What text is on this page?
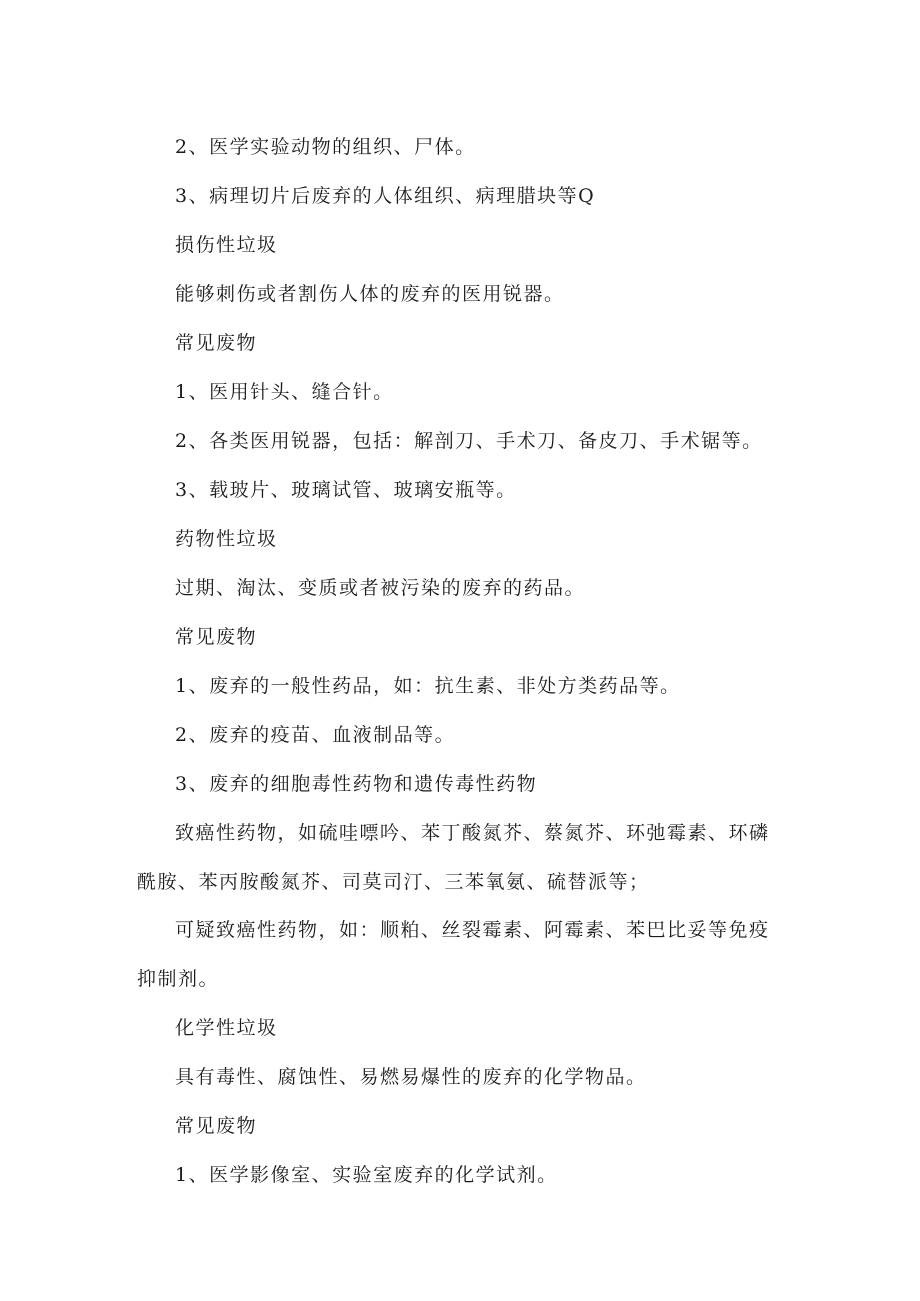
2、医学实验动物的组织、尸体。

3、病理切片后废弃的人体组织、病理腊块等Q

损伤性垃圾

能够刺伤或者割伤人体的废弃的医用锐器。

常见废物

1、医用针头、缝合针。

2、各类医用锐器，包括：解剖刀、手术刀、备皮刀、手术锯等。

3、载玻片、玻璃试管、玻璃安瓶等。

药物性垃圾

过期、淘汰、变质或者被污染的废弃的药品。

常见废物

1、废弃的一般性药品，如：抗生素、非处方类药品等。

2、废弃的疫苗、血液制品等。

3、废弃的细胞毒性药物和遗传毒性药物

致癌性药物，如硫哇嘌吟、苯丁酸氮芥、蔡氮芥、环弛霉素、环磷酰胺、苯丙胺酸氮芥、司莫司汀、三苯氧氨、硫替派等；

可疑致癌性药物，如：顺粕、丝裂霉素、阿霉素、苯巴比妥等免疫抑制剂。

化学性垃圾

具有毒性、腐蚀性、易燃易爆性的废弃的化学物品。

常见废物

1、医学影像室、实验室废弃的化学试剂。
